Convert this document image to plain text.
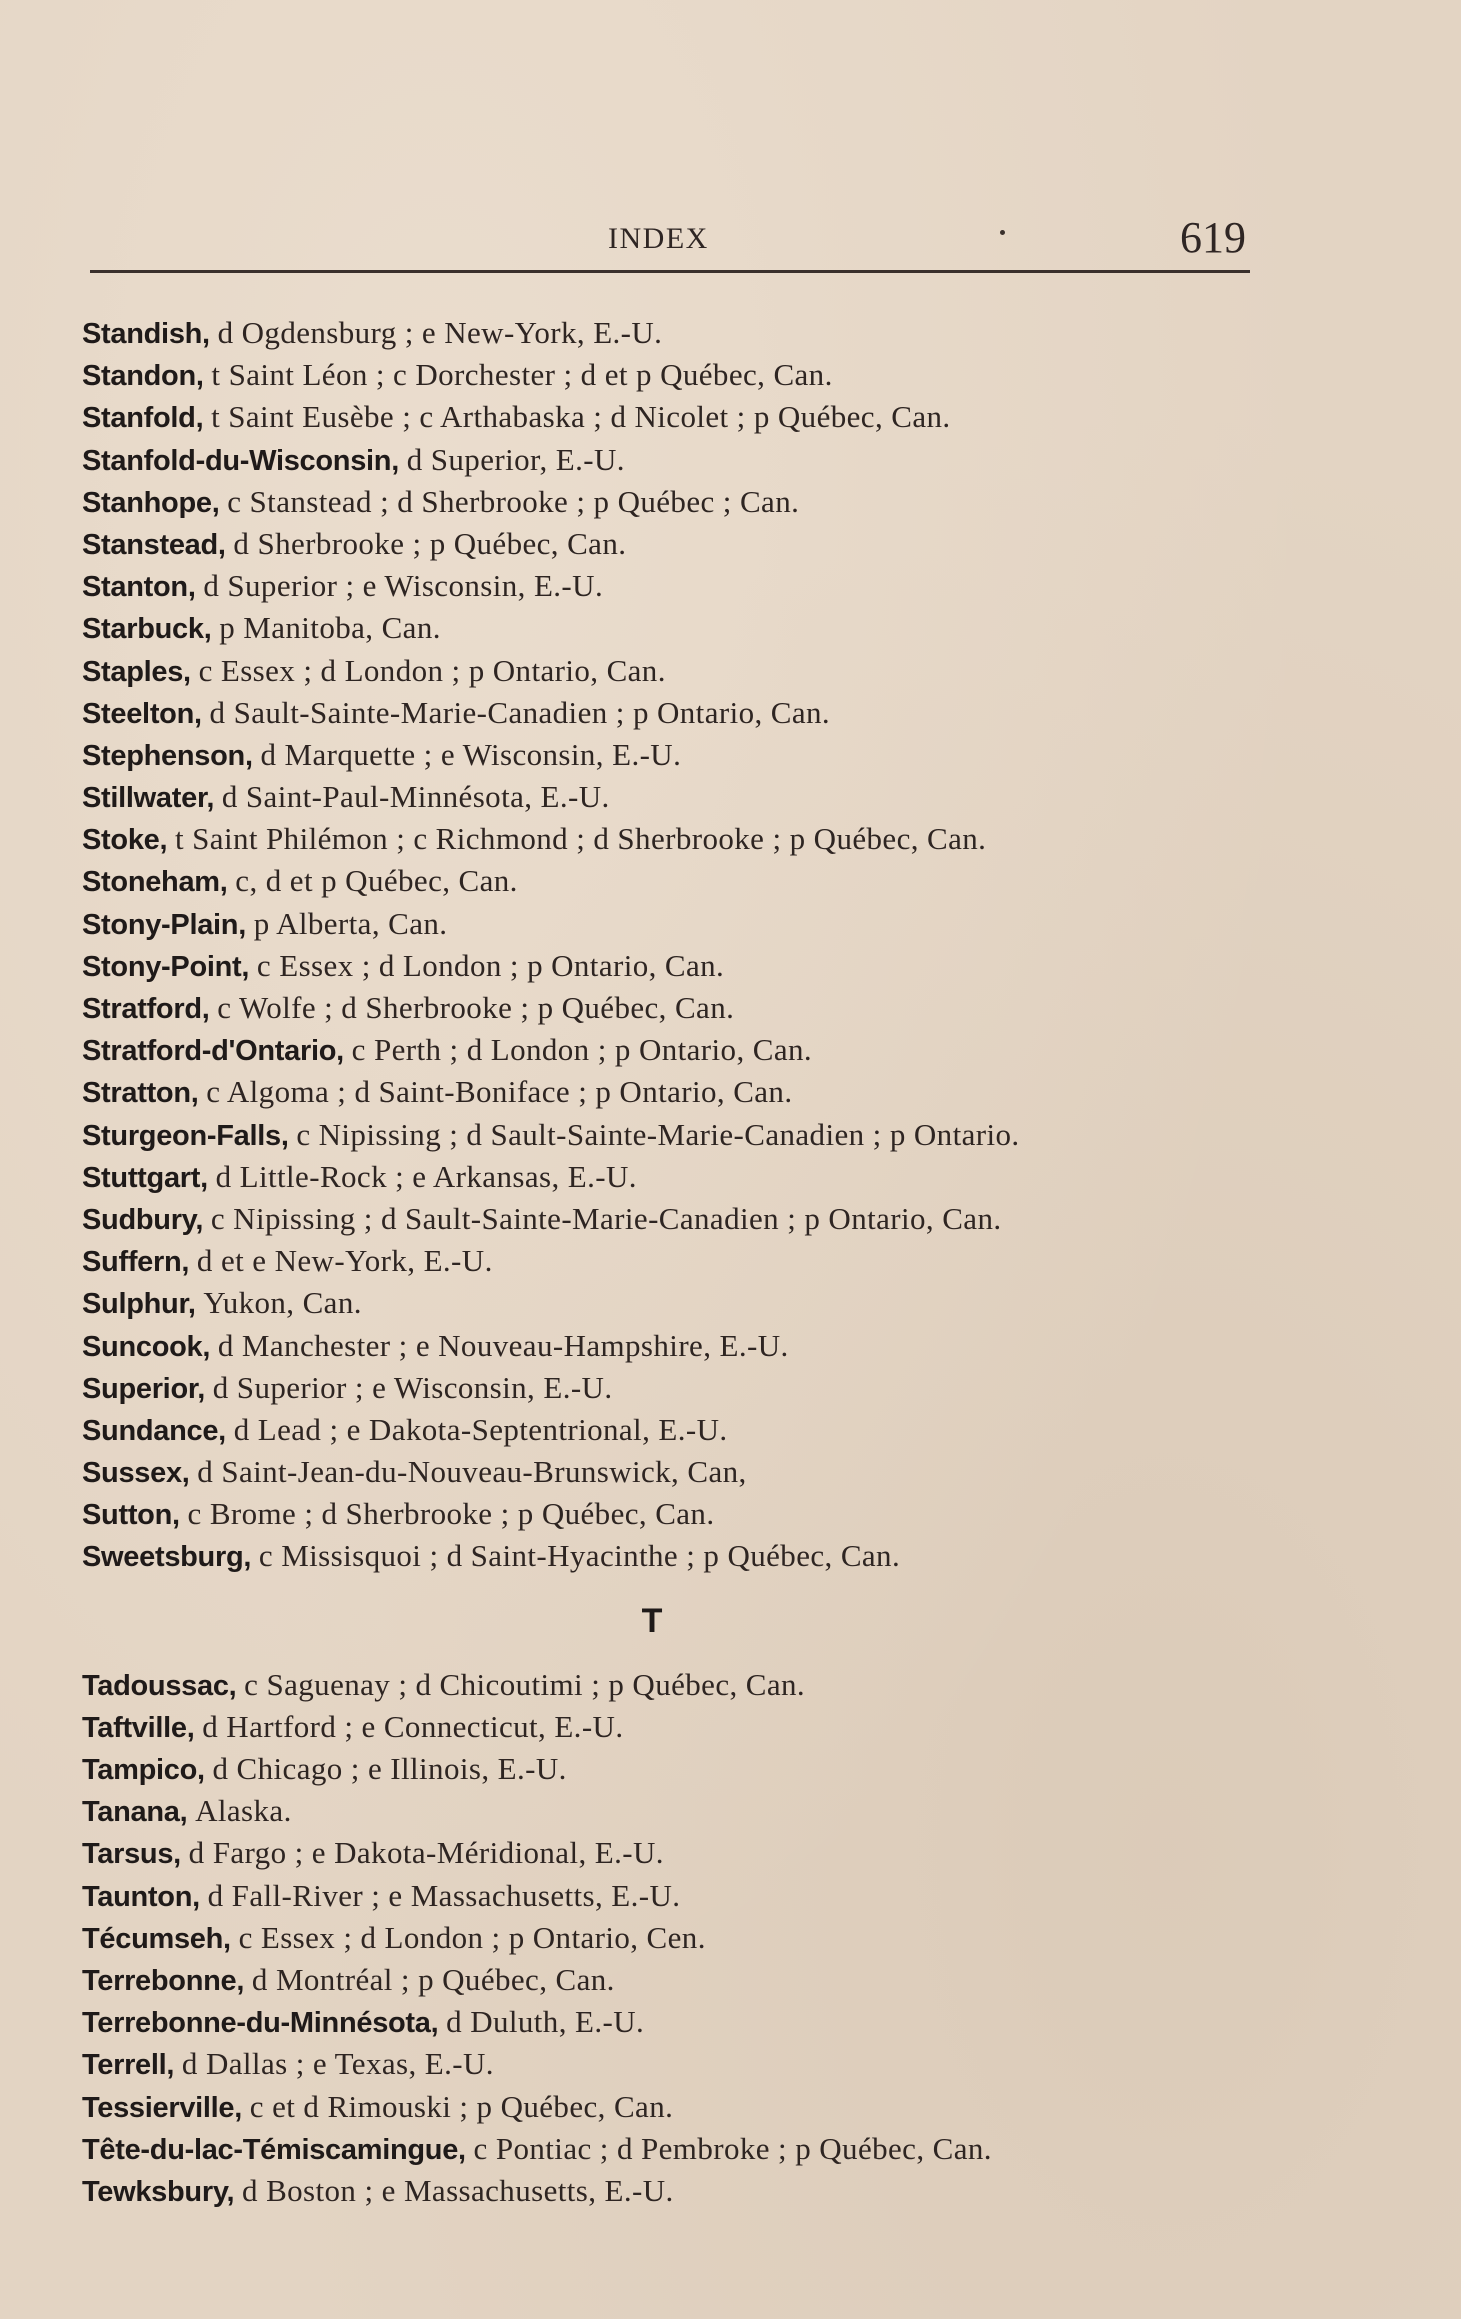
INDEX	619
Standish, d Ogdensburg ; e New-York, E.-U.
Standon, t Saint Léon ; c Dorchester ; d et p Québec, Can.
Stanfold, t Saint Eusèbe ; c Arthabaska ; d Nicolet ; p Québec, Can.
Stanfold-du-Wisconsin, d Superior, E.-U.
Stanhope, c Stanstead ; d Sherbrooke ; p Québec ; Can.
Stanstead, d Sherbrooke ; p Québec, Can.
Stanton, d Superior ; e Wisconsin, E.-U.
Starbuck, p Manitoba, Can.
Staples, c Essex ; d London ; p Ontario, Can.
Steelton, d Sault-Sainte-Marie-Canadien ; p Ontario, Can.
Stephenson, d Marquette ; e Wisconsin, E.-U.
Stillwater, d Saint-Paul-Minnésota, E.-U.
Stoke, t Saint Philémon ; c Richmond ; d Sherbrooke ; p Québec, Can.
Stoneham, c, d et p Québec, Can.
Stony-Plain, p Alberta, Can.
Stony-Point, c Essex ; d London ; p Ontario, Can.
Stratford, c Wolfe ; d Sherbrooke ; p Québec, Can.
Stratford-d'Ontario, c Perth ; d London ; p Ontario, Can.
Stratton, c Algoma ; d Saint-Boniface ; p Ontario, Can.
Sturgeon-Falls, c Nipissing ; d Sault-Sainte-Marie-Canadien ; p Ontario.
Stuttgart, d Little-Rock ; e Arkansas, E.-U.
Sudbury, c Nipissing ; d Sault-Sainte-Marie-Canadien ; p Ontario, Can.
Suffern, d et e New-York, E.-U.
Sulphur, Yukon, Can.
Suncook, d Manchester ; e Nouveau-Hampshire, E.-U.
Superior, d Superior ; e Wisconsin, E.-U.
Sundance, d Lead ; e Dakota-Septentrional, E.-U.
Sussex, d Saint-Jean-du-Nouveau-Brunswick, Can,
Sutton, c Brome ; d Sherbrooke ; p Québec, Can.
Sweetsburg, c Missisquoi ; d Saint-Hyacinthe ; p Québec, Can.
T
Tadoussac, c Saguenay ; d Chicoutimi ; p Québec, Can.
Taftville, d Hartford ; e Connecticut, E.-U.
Tampico, d Chicago ; e Illinois, E.-U.
Tanana, Alaska.
Tarsus, d Fargo ; e Dakota-Méridional, E.-U.
Taunton, d Fall-River ; e Massachusetts, E.-U.
Técumseh, c Essex ; d London ; p Ontario, Cen.
Terrebonne, d Montréal ; p Québec, Can.
Terrebonne-du-Minnésota, d Duluth, E.-U.
Terrell, d Dallas ; e Texas, E.-U.
Tessierville, c et d Rimouski ; p Québec, Can.
Tête-du-lac-Témiscamingue, c Pontiac ; d Pembroke ; p Québec, Can.
Tewksbury, d Boston ; e Massachusetts, E.-U.
